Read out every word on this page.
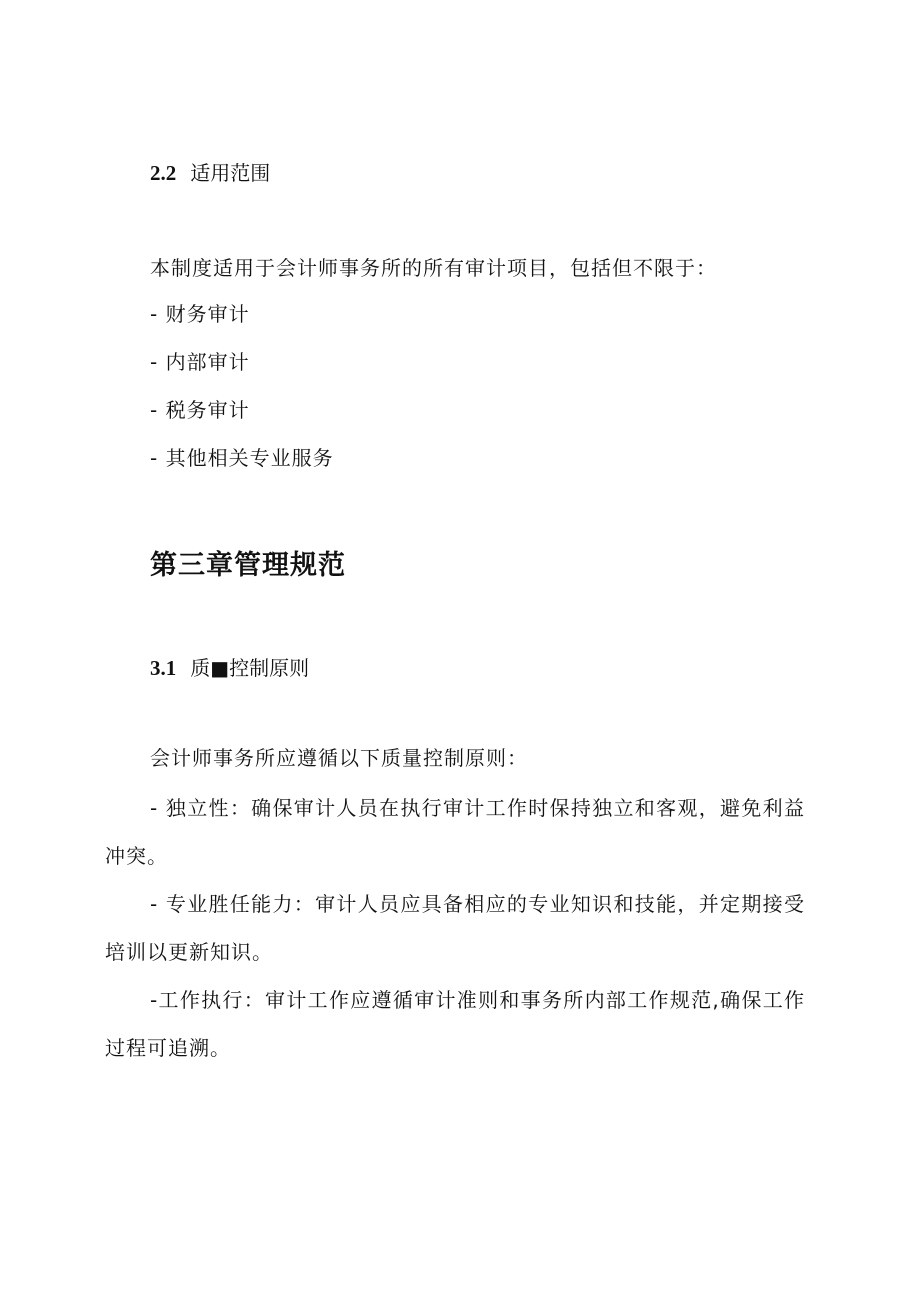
2.2 适用范围
本制度适用于会计师事务所的所有审计项目，包括但不限于：
- 财务审计
- 内部审计
- 税务审计
- 其他相关专业服务
第三章管理规范
3.1 质■控制原则
会计师事务所应遵循以下质量控制原则：
- 独立性：确保审计人员在执行审计工作时保持独立和客观，避免利益冲突。
- 专业胜任能力：审计人员应具备相应的专业知识和技能，并定期接受培训以更新知识。
-工作执行：审计工作应遵循审计准则和事务所内部工作规范,确保工作过程可追溯。
